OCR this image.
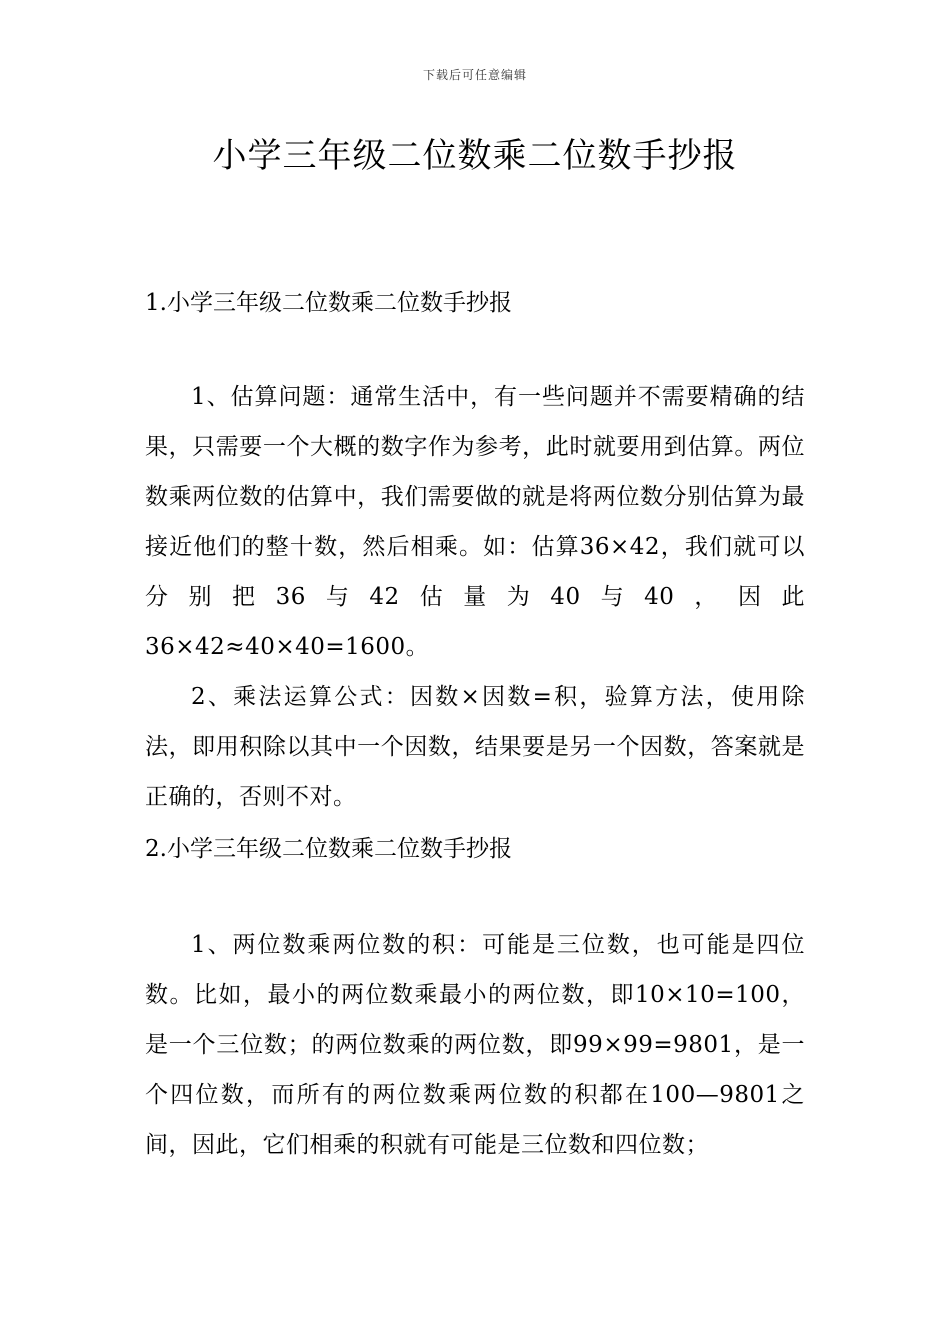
下载后可任意编辑
小学三年级二位数乘二位数手抄报
1.小学三年级二位数乘二位数手抄报

1、估算问题：通常生活中，有一些问题并不需要精确的结果，只需要一个大概的数字作为参考，此时就要用到估算。两位数乘两位数的估算中，我们需要做的就是将两位数分别估算为最接近他们的整十数，然后相乘。如：估算36×42，我们就可以分别把36与42估量为40与40，因此36×42≈40×40=1600。

2、乘法运算公式：因数×因数=积，验算方法，使用除法，即用积除以其中一个因数，结果要是另一个因数，答案就是正确的，否则不对。

2.小学三年级二位数乘二位数手抄报

1、两位数乘两位数的积：可能是三位数，也可能是四位数。比如，最小的两位数乘最小的两位数，即10×10=100，是一个三位数；的两位数乘的两位数，即99×99=9801，是一个四位数，而所有的两位数乘两位数的积都在100—9801之间，因此，它们相乘的积就有可能是三位数和四位数；
